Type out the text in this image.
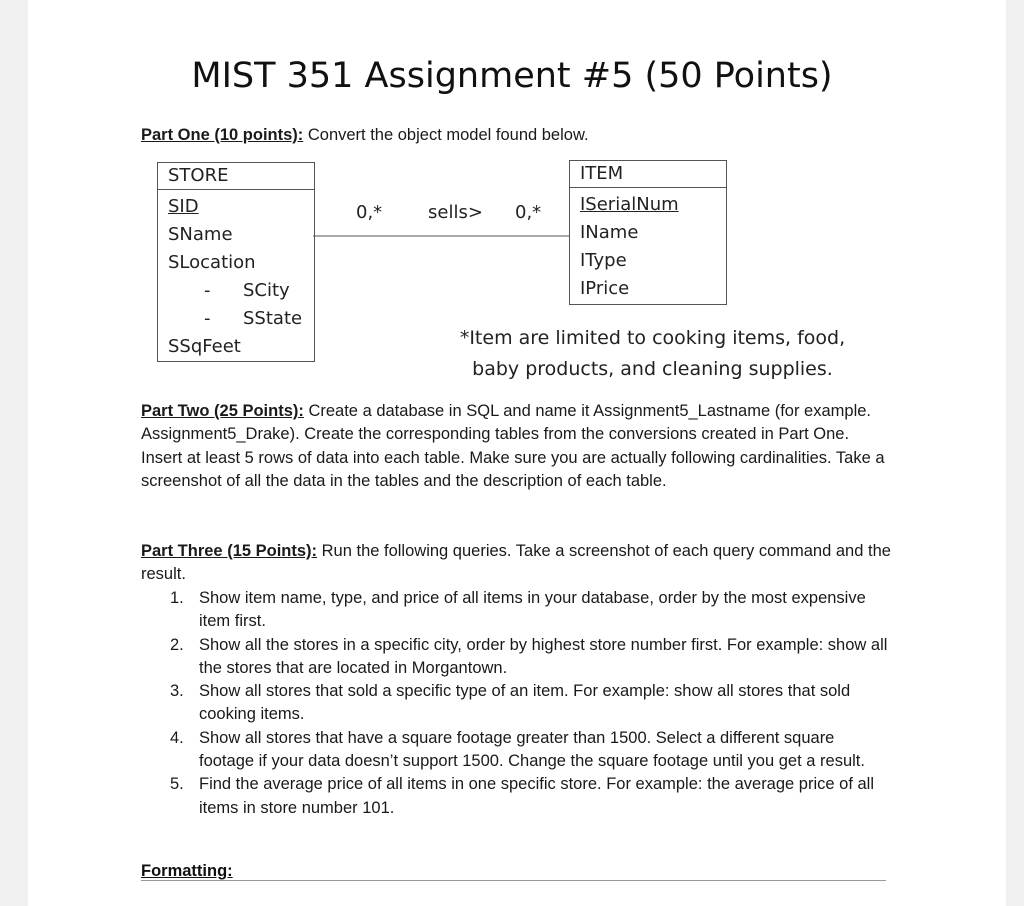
MIST 351 Assignment #5 (50 Points)
Part One (10 points): Convert the object model found below.
STORE
SID
SName
SLocation
- SCity
- SState
SSqFeet
0,*	sells> 0,*
ITEM
ISerialNum
IName
IType
IPrice
*Item are limited to cooking items, food,
baby products, and cleaning supplies.
Part Two (25 Points): Create a database in SQL and name it Assignment5_Lastname (for example. Assignment5_Drake). Create the corresponding tables from the conversions created in Part One. Insert at least 5 rows of data into each table. Make sure you are actually following cardinalities. Take a screenshot of all the data in the tables and the description of each table.
Part Three (15 Points): Run the following queries. Take a screenshot of each query command and the result.
1. Show item name, type, and price of all items in your database, order by the most expensive item first.
2. Show all the stores in a specific city, order by highest store number first. For example: show all the stores that are located in Morgantown.
3. Show all stores that sold a specific type of an item. For example: show all stores that sold cooking items.
4. Show all stores that have a square footage greater than 1500. Select a different square footage if your data doesn’t support 1500. Change the square footage until you get a result.
5. Find the average price of all items in one specific store. For example: the average price of all items in store number 101.
Formatting:
